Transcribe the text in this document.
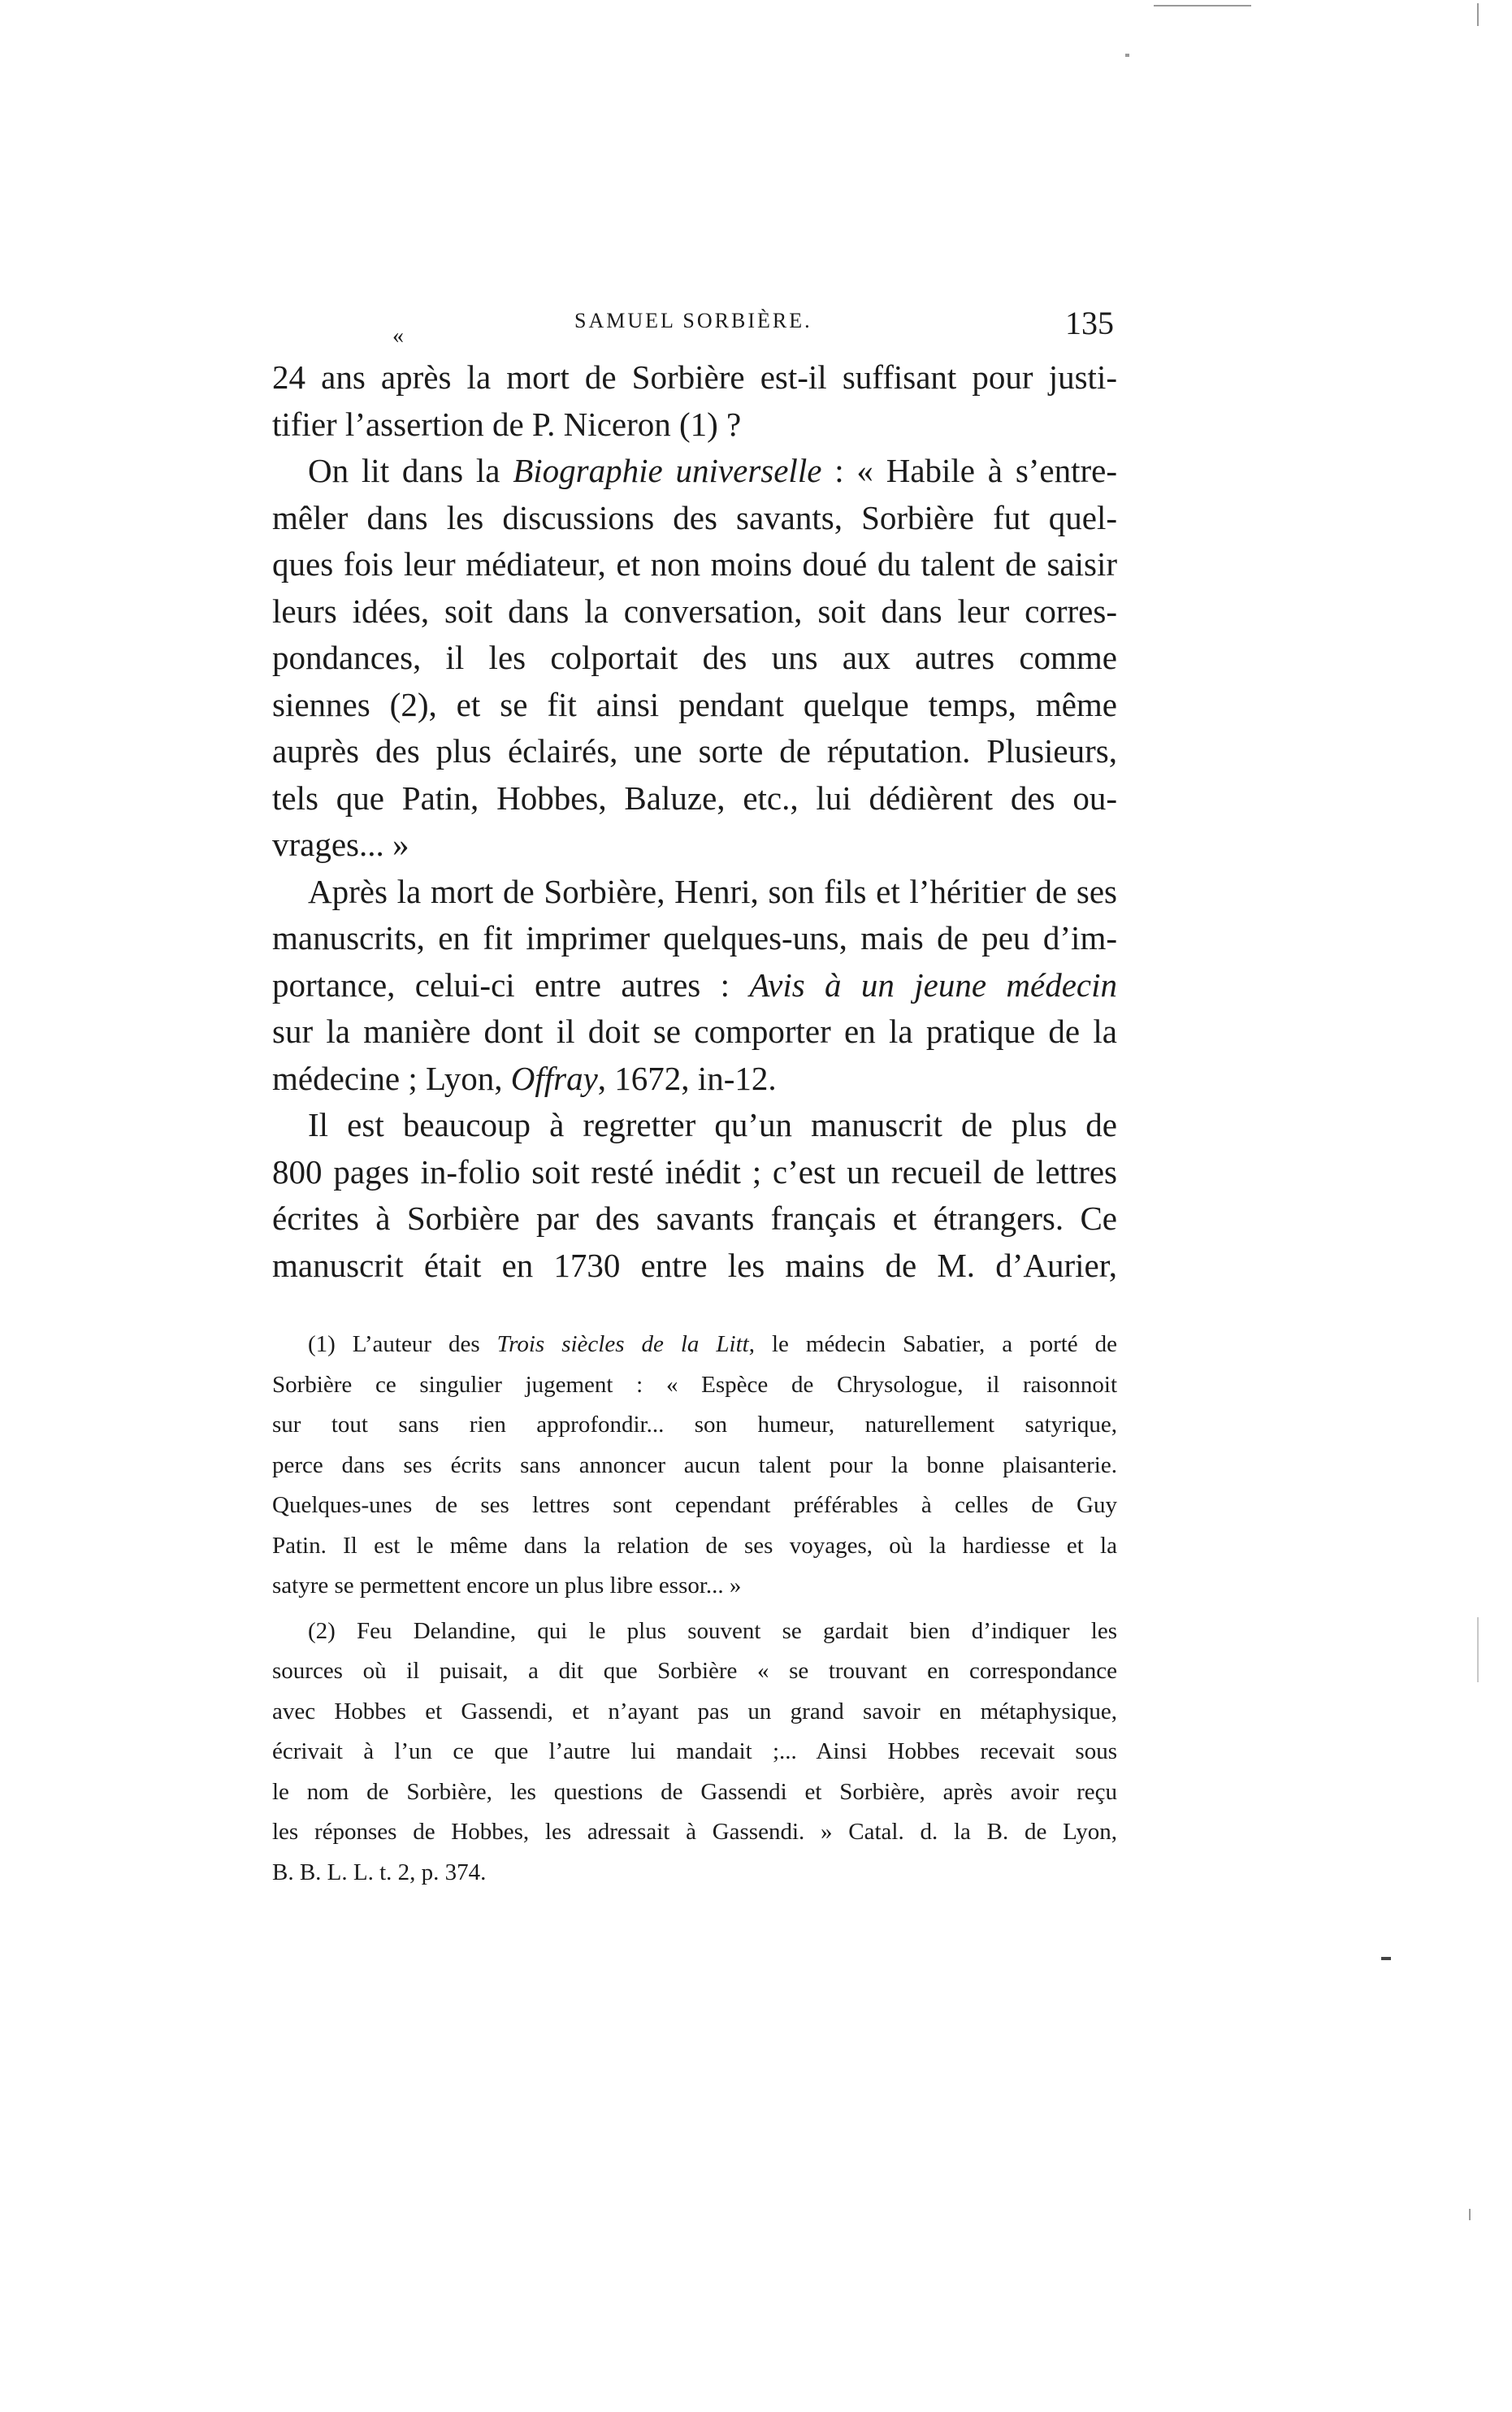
«
SAMUEL SORBIÈRE.	135
24 ans après la mort de Sorbière est-il suffisant pour justi-
tifier l’assertion de P. Niceron (1) ?
On lit dans la Biographie universelle : « Habile à s’entre-
mêler dans les discussions des savants, Sorbière fut quel-
ques fois leur médiateur, et non moins doué du talent de saisir
leurs idées, soit dans la conversation, soit dans leur corres-
pondances, il les colportait des uns aux autres comme
siennes (2), et se fit ainsi pendant quelque temps, même
auprès des plus éclairés, une sorte de réputation. Plusieurs,
tels que Patin, Hobbes, Baluze, etc., lui dédièrent des ou-
vrages... »
Après la mort de Sorbière, Henri, son fils et l’héritier de ses
manuscrits, en fit imprimer quelques-uns, mais de peu d’im-
portance, celui-ci entre autres : Avis à un jeune médecin
sur la manière dont il doit se comporter en la pratique de la
médecine ; Lyon, Offray, 1672, in-12.
Il est beaucoup à regretter qu’un manuscrit de plus de
800 pages in-folio soit resté inédit ; c’est un recueil de lettres
écrites à Sorbière par des savants français et étrangers. Ce
manuscrit était en 1730 entre les mains de M. d’Aurier,
(1) L’auteur des Trois siècles de la Litt, le médecin Sabatier, a porté de
Sorbière ce singulier jugement : « Espèce de Chrysologue, il raisonnoit
sur tout sans rien approfondir... son humeur, naturellement satyrique,
perce dans ses écrits sans annoncer aucun talent pour la bonne plaisanterie.
Quelques-unes de ses lettres sont cependant préférables à celles de Guy
Patin. Il est le même dans la relation de ses voyages, où la hardiesse et la
satyre se permettent encore un plus libre essor... »
(2) Feu Delandine, qui le plus souvent se gardait bien d’indiquer les
sources où il puisait, a dit que Sorbière « se trouvant en correspondance
avec Hobbes et Gassendi, et n’ayant pas un grand savoir en métaphysique,
écrivait à l’un ce que l’autre lui mandait ;... Ainsi Hobbes recevait sous
le nom de Sorbière, les questions de Gassendi et Sorbière, après avoir reçu
les réponses de Hobbes, les adressait à Gassendi. » Catal. d. la B. de Lyon,
B. B. L. L. t. 2, p. 374.
